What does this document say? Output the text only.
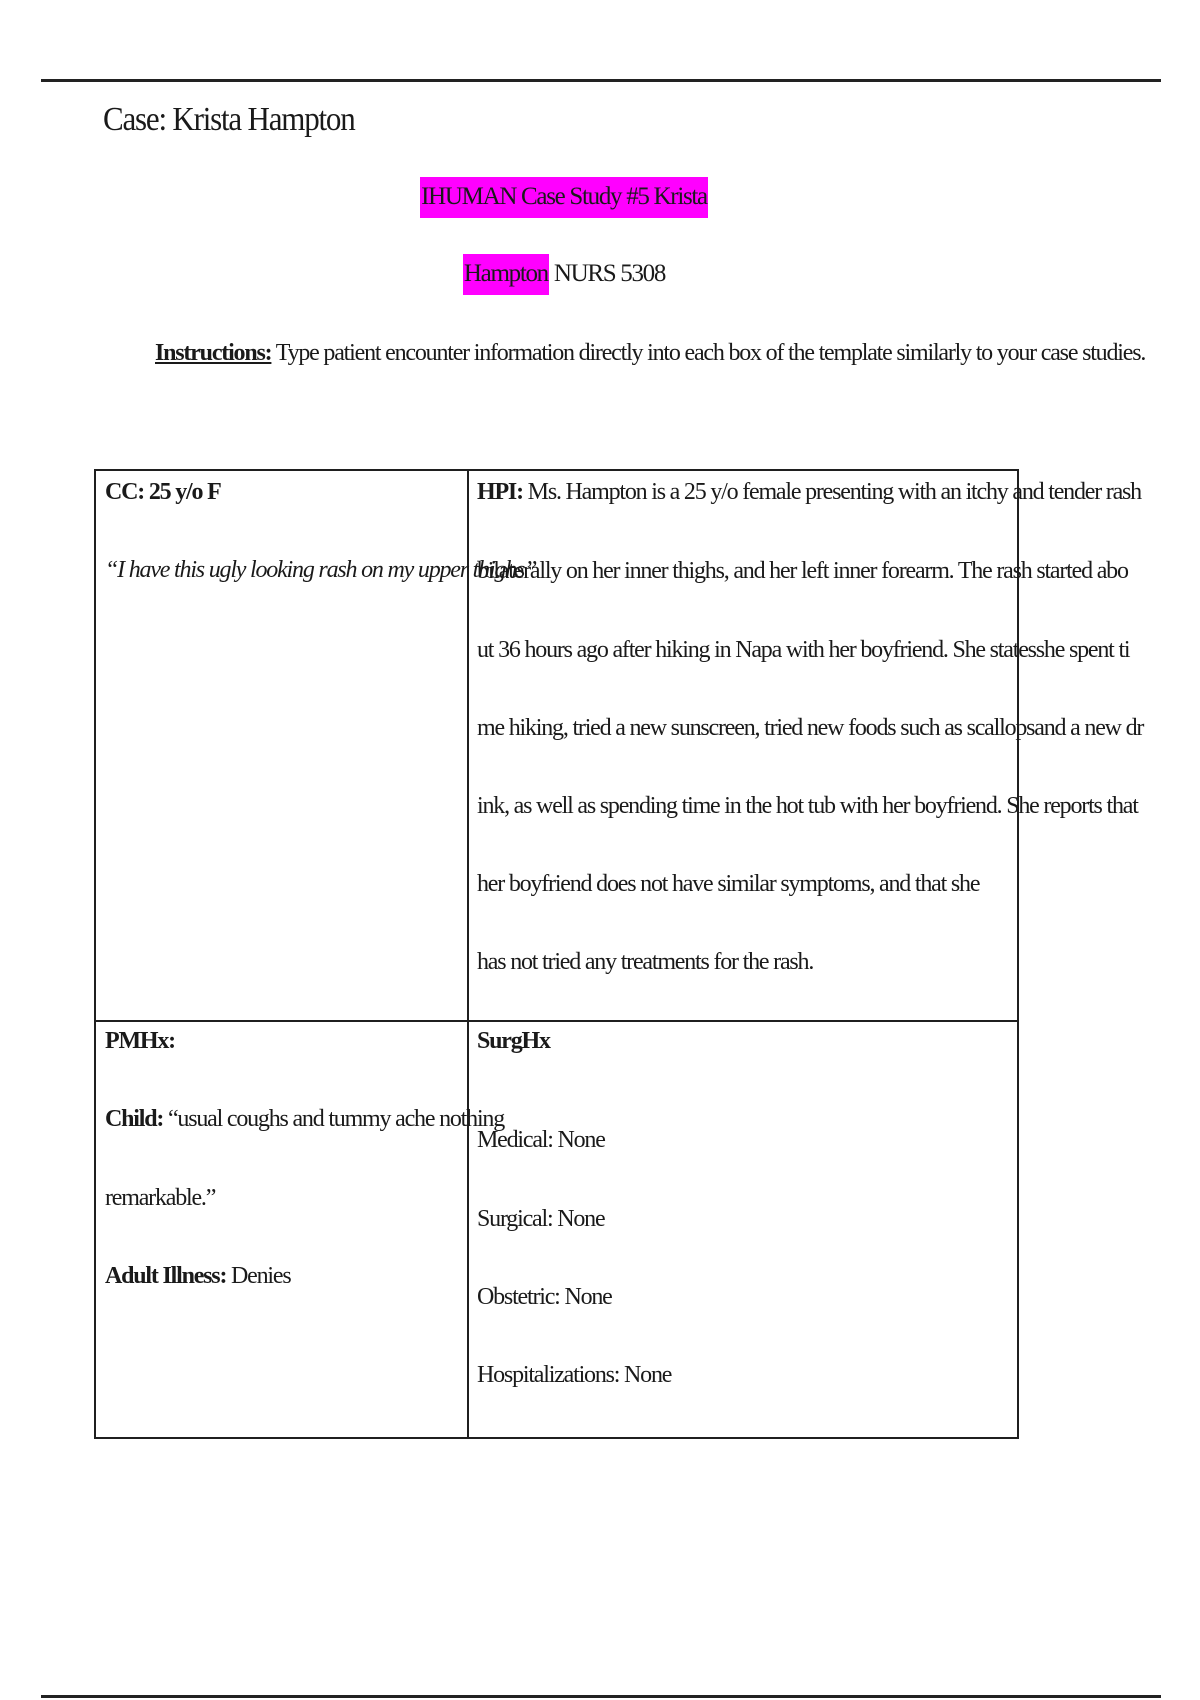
Case: Krista Hampton
IHUMAN Case Study #5 Krista
Hampton NURS 5308
Instructions: Type patient encounter information directly into each box of the template similarly to your case studies.
CC: 25 y/o F
“I have this ugly looking rash on my upper thighs”
HPI: Ms. Hampton is a 25 y/o female presenting with an itchy and tender rash
bilaterally on her inner thighs, and her left inner forearm. The rash started abo
ut 36 hours ago after hiking in Napa with her boyfriend. She statesshe spent ti
me hiking, tried a new sunscreen, tried new foods such as scallopsand a new dr
ink, as well as spending time in the hot tub with her boyfriend. She reports that
her boyfriend does not have similar symptoms, and that she
has not tried any treatments for the rash.
PMHx:
Child: “usual coughs and tummy ache nothing
remarkable.”
Adult Illness: Denies
SurgHx
Medical: None
Surgical: None
Obstetric: None
Hospitalizations: None
